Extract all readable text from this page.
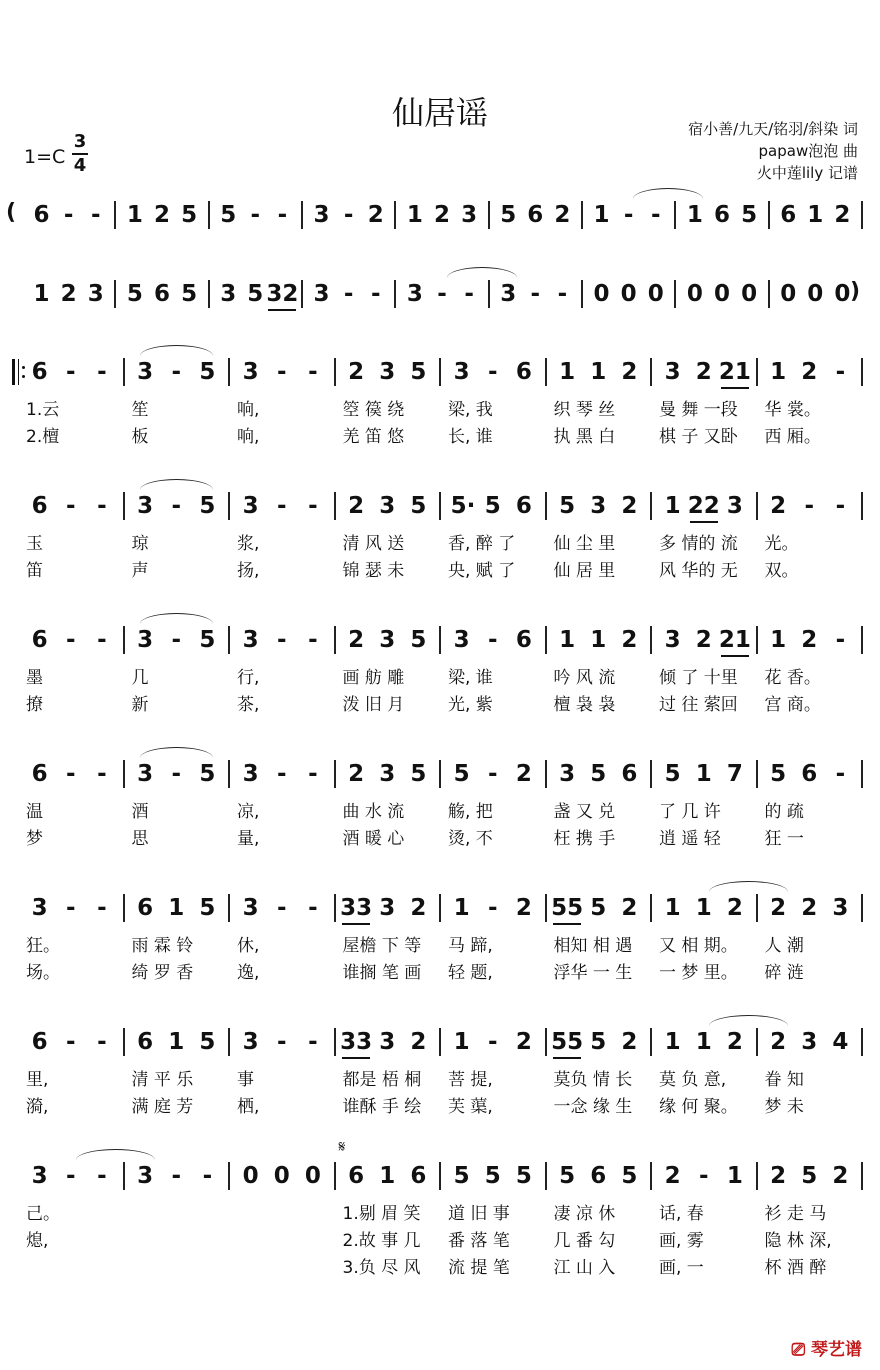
仙居谣	宿小善/九天/铭羽/斜染 词
papaw泡泡 曲
火中莲lily 记谱
1=C
3
4
( 6 - - 1 2 5 5 - - 3 - 2 1 2 3 5 6 2 1 - - 1 6 5 6 1 2
)
1 2 3 5 6 5 3 5 3 2 3 - - 3 - - 3 - - 0 0 0 0 0 0 0 0 0
6 - - 3 - 5 3 - - 2 3 5 3 - 6 1 1 2 3 2 2 1 1 2 -
1.云	笙	响,	箜 篌 绕	梁, 我	织 琴 丝	曼 舞 一段 华 裳。
2.檀	板	响,	羌 笛 悠	长, 谁	执 黑 白	棋 子 又卧 西 厢。
6 - - 3 - 5 3 - - 2 3 5 5· 5 6 5 3 2 1 2 2 3 2 - -
玉	琼	浆,	清 风 送	香, 醉 了 仙 尘 里	多 情的 流 光。
笛	声	扬,	锦 瑟 未	央, 赋 了 仙 居 里	风 华的 无 双。
6 - - 3 - 5 3 - - 2 3 5 3 - 6 1 1 2 3 2 2 1 1 2 -
墨	几	行,	画 舫 雕	梁, 谁	吟 风 流	倾 了 十里 花 香。
撩	新	茶,	泼 旧 月	光, 紫	檀 袅 袅	过 往 萦回 宫 商。
6 - - 3 - 5 3 - - 2 3 5 5 - 2 3 5 6 5 1 7 5 6 -
温	酒	凉,	曲 水 流	觞, 把	盏 又 兑	了 几 许	的 疏
梦	思	量,	酒 暖 心	烫, 不	枉 携 手	逍 遥 轻	狂 一
3 - - 6 1 5 3 - - 3 3 3 2 1 - 2 5 5 5 2 1 1 2 2 2 3
狂。	雨 霖 铃	休,	屋檐 下 等 马 蹄,	相知 相 遇 又 相 期。 人 潮
场。	绮 罗 香	逸,	谁搁 笔 画 轻 题,	浮华 一 生 一 梦 里。 碎 涟
6 - - 6 1 5 3 - - 3 3 3 2 1 - 2 5 5 5 2 1 1 2 2 3 4
里,	清 平 乐	事	都是 梧 桐 菩 提,	莫负 情 长 莫 负 意, 眷 知
漪,	满 庭 芳	栖,	谁酥 手 绘 芙 蕖,	一念 缘 生 缘 何 聚。 梦 未
𝄋
3 - - 3 - - 0 0 0 6 1 6 5 5 5 5 6 5 2 - 1 2 5 2
己。	1.剔 眉 笑 道 旧 事	凄 凉 休	话, 春	衫 走 马
熄,	2.故 事 几 番 落 笔	几 番 勾	画, 雾	隐 林 深,
3.负 尽 风 流 提 笔	江 山 入	画, 一	杯 酒 醉
⎚ 琴艺谱
